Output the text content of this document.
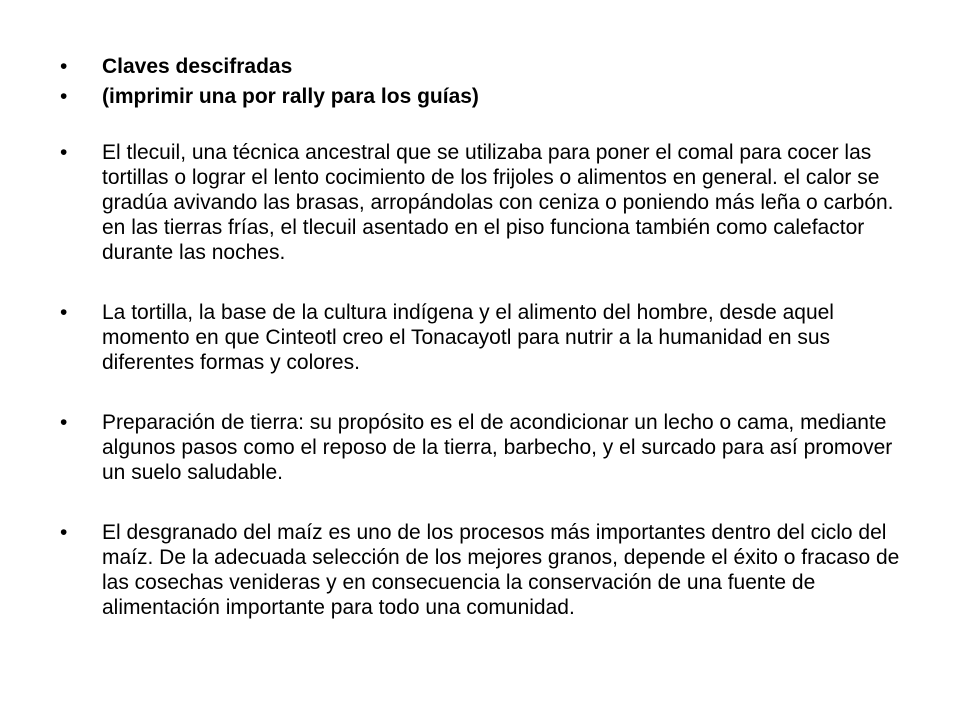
•	Claves descifradas
•	(imprimir una por rally para los guías)
•	El tlecuil, una técnica ancestral que se utilizaba para poner el comal para cocer las tortillas o lograr el lento cocimiento de los frijoles o alimentos en general. el calor se gradúa avivando las brasas, arropándolas con ceniza o poniendo más leña o carbón. en las tierras frías, el tlecuil asentado en el piso funciona también como calefactor durante las noches.
•	La tortilla, la base de la cultura indígena y el alimento del hombre, desde aquel momento en que Cinteotl creo el Tonacayotl para nutrir a la humanidad en sus diferentes formas y colores.
•	Preparación de tierra: su propósito es el de acondicionar un lecho o cama, mediante algunos pasos como el reposo de la tierra, barbecho, y el surcado para así promover un suelo saludable.
•	El desgranado del maíz es uno de los procesos más importantes dentro del ciclo del maíz. De la adecuada selección de los mejores granos, depende el éxito o fracaso de las cosechas venideras y en consecuencia la conservación de una fuente de alimentación importante para todo una comunidad.
